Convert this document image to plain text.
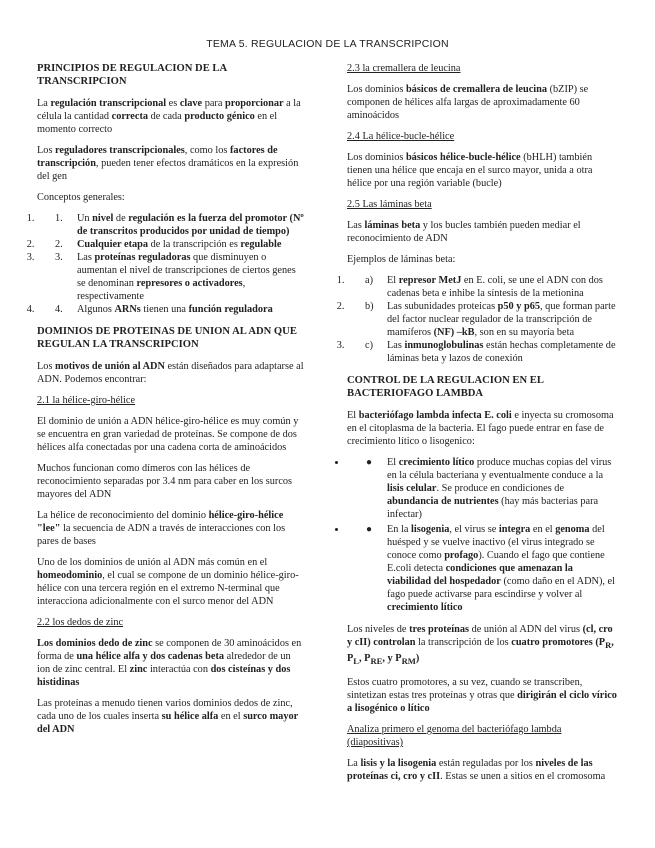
TEMA 5. REGULACION DE LA TRANSCRIPCION
PRINCIPIOS DE REGULACION DE LA TRANSCRIPCION

La regulación transcripcional es clave para proporcionar a la célula la cantidad correcta de cada producto génico en el momento correcto

Los reguladores transcripcionales, como los factores de transcripción, pueden tener efectos dramáticos en la expresión del gen

Conceptos generales:

1. 1. Un nivel de regulación es la fuerza del promotor (Nº de transcritos producidos por unidad de tiempo)
2. 2. Cualquier etapa de la transcripción es regulable
3. 3. Las proteínas reguladoras que disminuyen o aumentan el nivel de transcripciones de ciertos genes se denominan represores o activadores, respectivamente
4. 4. Algunos ARNs tienen una función reguladora
DOMINIOS DE PROTEINAS DE UNION AL ADN QUE REGULAN LA TRANSCRIPCION

Los motivos de unión al ADN están diseñados para adaptarse al ADN. Podemos encontrar:

2.1 la hélice-giro-hélice

El dominio de unión a ADN hélice-giro-hélice es muy común y se encuentra en gran variedad de proteínas. Se compone de dos hélices alfa conectadas por una cadena corta de aminoácidos

Muchos funcionan como dímeros con las hélices de reconocimiento separadas por 3.4 nm para caber en los surcos mayores del ADN

La hélice de reconocimiento del dominio hélice-giro-hélice "lee" la secuencia de ADN a través de interacciones con los pares de bases

Uno de los dominios de unión al ADN más común en el homeodominio, el cual se compone de un dominio hélice-giro-hélice con una tercera región en el extremo N-terminal que interacciona adicionalmente con el surco menor del ADN

2.2 los dedos de zinc

Los dominios dedo de zinc se componen de 30 aminoácidos en forma de una hélice alfa y dos cadenas beta alrededor de un ion de zinc central. El zinc interactúa con dos cisteínas y dos histidinas

Las proteínas a menudo tienen varios dominios dedos de zinc, cada uno de los cuales inserta su hélice alfa en el surco mayor del ADN

2.3 la cremallera de leucina

Los dominios básicos de cremallera de leucina (bZIP) se componen de hélices alfa largas de aproximadamente 60 aminoácidos

2.4 La hélice-bucle-hélice

Los dominios básicos hélice-bucle-hélice (bHLH) también tienen una hélice que encaja en el surco mayor, unida a otra hélice por una región variable (bucle)

2.5 Las láminas beta

Las láminas beta y los bucles también pueden mediar el reconocimiento de ADN

Ejemplos de láminas beta:

1. a) El represor MetJ en E. coli, se une el ADN con dos cadenas beta e inhibe la síntesis de la metionina
2. b) Las subunidades proteicas p50 y p65, que forman parte del factor nuclear regulador de la transcripción de mamíferos (NF) –kB, son en su mayoría beta
3. c) Las inmunoglobulinas están hechas completamente de láminas beta y lazos de conexión
CONTROL DE LA REGULACION EN EL BACTERIOFAGO LAMBDA

El bacteriófago lambda infecta E. coli e inyecta su cromosoma en el citoplasma de la bacteria. El fago puede entrar en fase de crecimiento lítico o lisogenico:

• ● El crecimiento lítico produce muchas copias del virus en la célula bacteriana y eventualmente conduce a la lisis celular. Se produce en condiciones de abundancia de nutrientes (hay más bacterias para infectar)
• ● En la lisogenia, el virus se integra en el genoma del huésped y se vuelve inactivo (el virus integrado se conoce como profago). Cuando el fago que contiene E.coli detecta condiciones que amenazan la viabilidad del hospedador (como daño en el ADN), el fago puede activarse para escindirse y volver al crecimiento lítico

Los niveles de tres proteínas de unión al ADN del virus (cl, cro y cII) controlan la transcripción de los cuatro promotores ($P_R$, $P_L$, $P_{RE}$, y $P_{RM}$)

Estos cuatro promotores, a su vez, cuando se transcriben, sintetizan estas tres proteínas y otras que dirigirán el ciclo vírico a lisogénico o lítico

Analiza primero el genoma del bacteriófago lambda (diapositivas)

La lisis y la lisogenia están reguladas por los niveles de las proteínas ci, cro y cII. Estas se unen a sitios en el cromosoma
